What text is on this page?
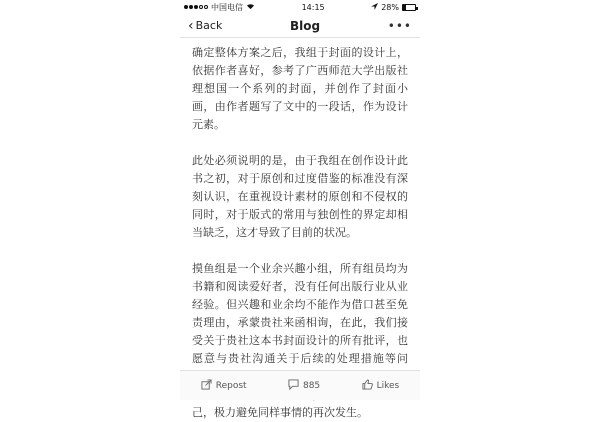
中国电信	14:15	28%
‹ Back	Blog	•••

确定整体方案之后，我组于封面的设计上，依据作者喜好，参考了广西师范大学出版社理想国一个系列的封面，并创作了封面小画，由作者题写了文中的一段话，作为设计元素。

此处必须说明的是，由于我组在创作设计此书之初，对于原创和过度借鉴的标准没有深刻认识，在重视设计素材的原创和不侵权的同时，对于版式的常用与独创性的界定却相当缺乏，这才导致了目前的状况。

摸鱼组是一个业余兴趣小组，所有组员均为书籍和阅读爱好者，没有任何出版行业从业经验。但兴趣和业余均不能作为借口甚至免责理由，承蒙贵社来函相询，在此，我们接受关于贵社这本书封面设计的所有批评，也愿意与贵社沟通关于后续的处理措施等问 己，极力避免同样事情的再次发生。

Repost	885	Likes
